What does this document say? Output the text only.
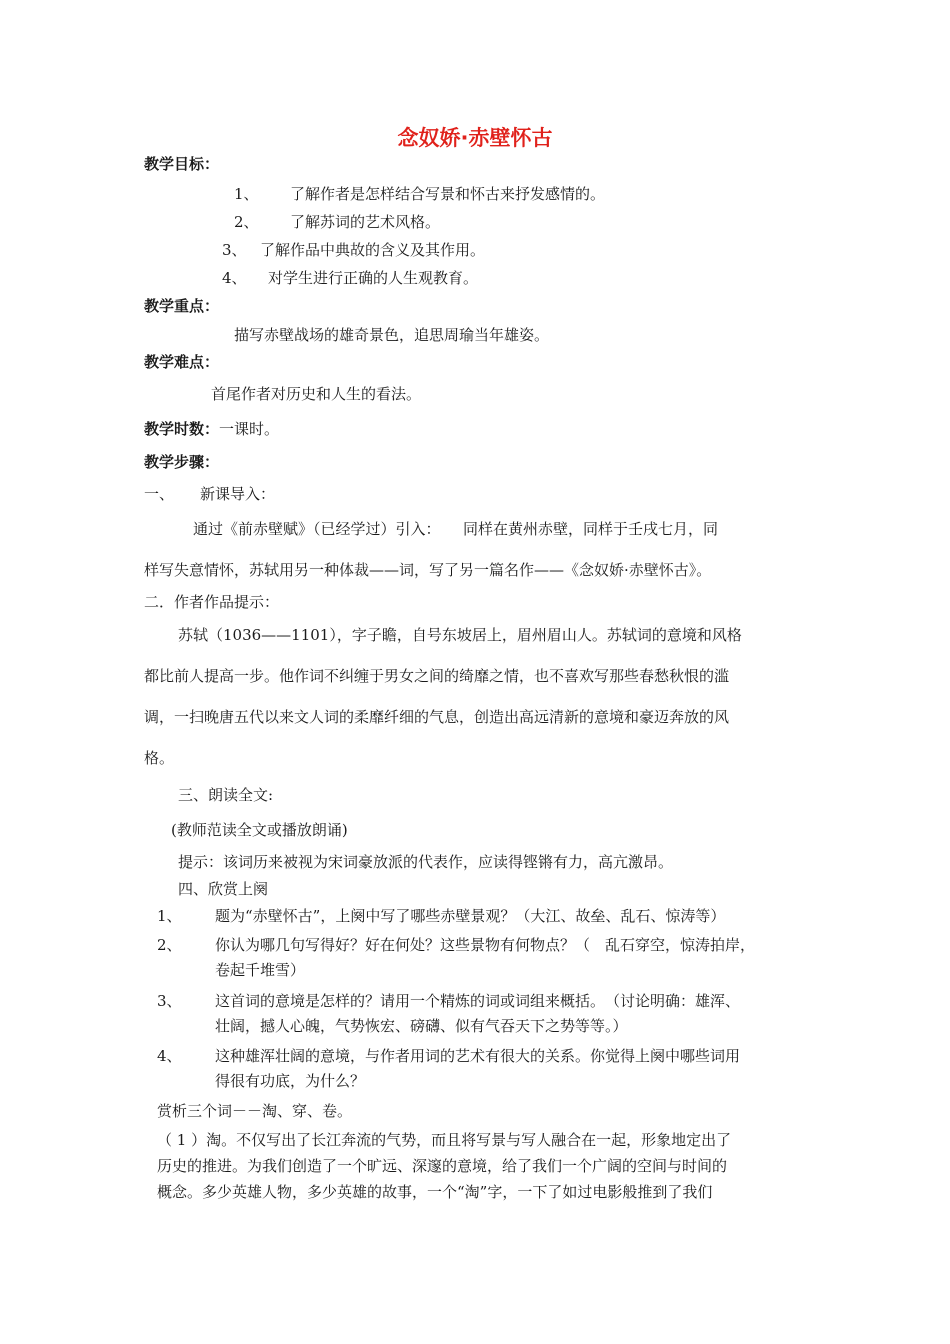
念奴娇·赤壁怀古
教学目标：
1、 了解作者是怎样结合写景和怀古来抒发感情的。
2、 了解苏词的艺术风格。
3、 了解作品中典故的含义及其作用。
4、 对学生进行正确的人生观教育。
教学重点：
描写赤壁战场的雄奇景色，追思周瑜当年雄姿。
教学难点：
首尾作者对历史和人生的看法。
教学时数：一课时。
教学步骤：
一、 新课导入：
通过《前赤壁赋》（已经学过）引入：　　同样在黄州赤壁，同样于壬戌七月，同
样写失意情怀，苏轼用另一种体裁——词，写了另一篇名作——《念奴娇·赤壁怀古》。
二．作者作品提示：
苏轼（1036——1101），字子瞻，自号东坡居上，眉州眉山人。苏轼词的意境和风格
都比前人提高一步。他作词不纠缠于男女之间的绮靡之情，也不喜欢写那些春愁秋恨的滥
调，一扫晚唐五代以来文人词的柔靡纤细的气息，创造出高远清新的意境和豪迈奔放的风
格。
三、朗读全文:
(教师范读全文或播放朗诵)
提示：该词历来被视为宋词豪放派的代表作，应读得铿锵有力，高亢激昂。
四、欣赏上阕
1、 题为“赤壁怀古”，上阕中写了哪些赤壁景观？（大江、故垒、乱石、惊涛等）
2、 你认为哪几句写得好？好在何处？这些景物有何物点？（　乱石穿空，惊涛拍岸，
卷起千堆雪）
3、 这首词的意境是怎样的？请用一个精炼的词或词组来概括。　（讨论明确：雄浑、
壮阔，撼人心魄，气势恢宏、磅礴、似有气吞天下之势等等。）
4、 这种雄浑壮阔的意境，与作者用词的艺术有很大的关系。你觉得上阕中哪些词用
得很有功底，为什么？
赏析三个词－－淘、穿、卷。
（ 1 ）淘。不仅写出了长江奔流的气势，而且将写景与写人融合在一起，形象地定出了
历史的推进。为我们创造了一个旷远、深邃的意境，给了我们一个广阔的空间与时间的
概念。多少英雄人物，多少英雄的故事，一个“淘”字，一下了如过电影般推到了我们
